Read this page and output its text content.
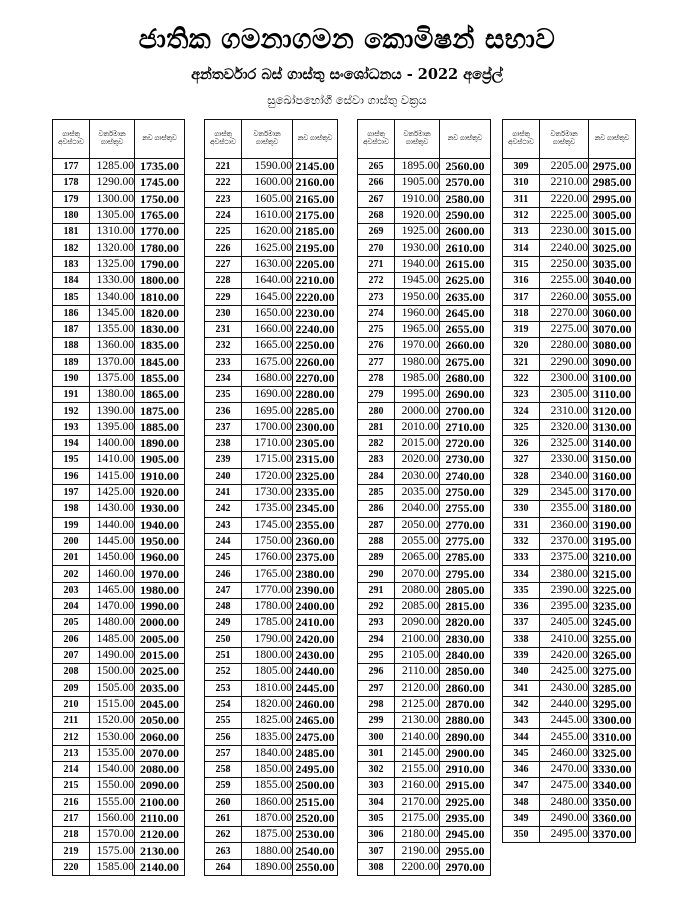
ජාතික ගමනාගමන කොමිෂන් සභාව
අන්තර්වාර බස් ගාස්තු සංශෝධනය - 2022 අප්‍රේල්
සුඛෝපභෝගී සේවා ගාස්තු වක්‍රය
ගාස්තු අවස්ථාව	වර්තමාන ගාස්තුව	නව ගාස්තුව
177	1285.00	1735.00
178	1290.00	1745.00
179	1300.00	1750.00
180	1305.00	1765.00
181	1310.00	1770.00
182	1320.00	1780.00
183	1325.00	1790.00
184	1330.00	1800.00
185	1340.00	1810.00
186	1345.00	1820.00
187	1355.00	1830.00
188	1360.00	1835.00
189	1370.00	1845.00
190	1375.00	1855.00
191	1380.00	1865.00
192	1390.00	1875.00
193	1395.00	1885.00
194	1400.00	1890.00
195	1410.00	1905.00
196	1415.00	1910.00
197	1425.00	1920.00
198	1430.00	1930.00
199	1440.00	1940.00
200	1445.00	1950.00
201	1450.00	1960.00
202	1460.00	1970.00
203	1465.00	1980.00
204	1470.00	1990.00
205	1480.00	2000.00
206	1485.00	2005.00
207	1490.00	2015.00
208	1500.00	2025.00
209	1505.00	2035.00
210	1515.00	2045.00
211	1520.00	2050.00
212	1530.00	2060.00
213	1535.00	2070.00
214	1540.00	2080.00
215	1550.00	2090.00
216	1555.00	2100.00
217	1560.00	2110.00
218	1570.00	2120.00
219	1575.00	2130.00
220	1585.00	2140.00
ගාස්තු අවස්ථාව	වර්තමාන ගාස්තුව	නව ගාස්තුව
221	1590.00	2145.00
222	1600.00	2160.00
223	1605.00	2165.00
224	1610.00	2175.00
225	1620.00	2185.00
226	1625.00	2195.00
227	1630.00	2205.00
228	1640.00	2210.00
229	1645.00	2220.00
230	1650.00	2230.00
231	1660.00	2240.00
232	1665.00	2250.00
233	1675.00	2260.00
234	1680.00	2270.00
235	1690.00	2280.00
236	1695.00	2285.00
237	1700.00	2300.00
238	1710.00	2305.00
239	1715.00	2315.00
240	1720.00	2325.00
241	1730.00	2335.00
242	1735.00	2345.00
243	1745.00	2355.00
244	1750.00	2360.00
245	1760.00	2375.00
246	1765.00	2380.00
247	1770.00	2390.00
248	1780.00	2400.00
249	1785.00	2410.00
250	1790.00	2420.00
251	1800.00	2430.00
252	1805.00	2440.00
253	1810.00	2445.00
254	1820.00	2460.00
255	1825.00	2465.00
256	1835.00	2475.00
257	1840.00	2485.00
258	1850.00	2495.00
259	1855.00	2500.00
260	1860.00	2515.00
261	1870.00	2520.00
262	1875.00	2530.00
263	1880.00	2540.00
264	1890.00	2550.00
ගාස්තු අවස්ථාව	වර්තමාන ගාස්තුව	නව ගාස්තුව
265	1895.00	2560.00
266	1905.00	2570.00
267	1910.00	2580.00
268	1920.00	2590.00
269	1925.00	2600.00
270	1930.00	2610.00
271	1940.00	2615.00
272	1945.00	2625.00
273	1950.00	2635.00
274	1960.00	2645.00
275	1965.00	2655.00
276	1970.00	2660.00
277	1980.00	2675.00
278	1985.00	2680.00
279	1995.00	2690.00
280	2000.00	2700.00
281	2010.00	2710.00
282	2015.00	2720.00
283	2020.00	2730.00
284	2030.00	2740.00
285	2035.00	2750.00
286	2040.00	2755.00
287	2050.00	2770.00
288	2055.00	2775.00
289	2065.00	2785.00
290	2070.00	2795.00
291	2080.00	2805.00
292	2085.00	2815.00
293	2090.00	2820.00
294	2100.00	2830.00
295	2105.00	2840.00
296	2110.00	2850.00
297	2120.00	2860.00
298	2125.00	2870.00
299	2130.00	2880.00
300	2140.00	2890.00
301	2145.00	2900.00
302	2155.00	2910.00
303	2160.00	2915.00
304	2170.00	2925.00
305	2175.00	2935.00
306	2180.00	2945.00
307	2190.00	2955.00
308	2200.00	2970.00
ගාස්තු අවස්ථාව	වර්තමාන ගාස්තුව	නව ගාස්තුව
309	2205.00	2975.00
310	2210.00	2985.00
311	2220.00	2995.00
312	2225.00	3005.00
313	2230.00	3015.00
314	2240.00	3025.00
315	2250.00	3035.00
316	2255.00	3040.00
317	2260.00	3055.00
318	2270.00	3060.00
319	2275.00	3070.00
320	2280.00	3080.00
321	2290.00	3090.00
322	2300.00	3100.00
323	2305.00	3110.00
324	2310.00	3120.00
325	2320.00	3130.00
326	2325.00	3140.00
327	2330.00	3150.00
328	2340.00	3160.00
329	2345.00	3170.00
330	2355.00	3180.00
331	2360.00	3190.00
332	2370.00	3195.00
333	2375.00	3210.00
334	2380.00	3215.00
335	2390.00	3225.00
336	2395.00	3235.00
337	2405.00	3245.00
338	2410.00	3255.00
339	2420.00	3265.00
340	2425.00	3275.00
341	2430.00	3285.00
342	2440.00	3295.00
343	2445.00	3300.00
344	2455.00	3310.00
345	2460.00	3325.00
346	2470.00	3330.00
347	2475.00	3340.00
348	2480.00	3350.00
349	2490.00	3360.00
350	2495.00	3370.00
